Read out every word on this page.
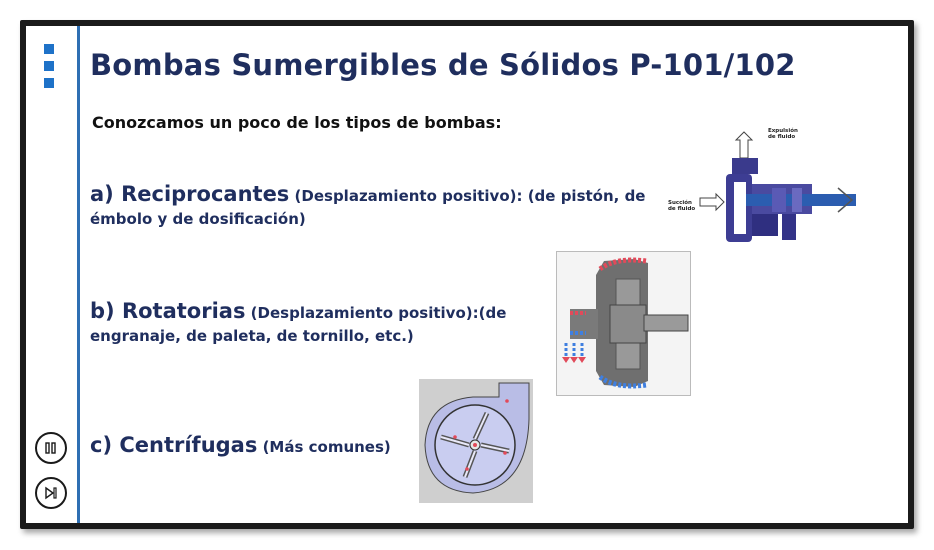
Bombas Sumergibles de Sólidos P-101/102
Conozcamos un poco de los tipos de bombas:
a) Reciprocantes (Desplazamiento positivo): (de pistón, de
émbolo y de dosificación)
b) Rotatorias (Desplazamiento positivo):(de
engranaje, de paleta, de tornillo, etc.)
c) Centrífugas (Más comunes)
Expulsión
de fluido
Succión
de fluido
